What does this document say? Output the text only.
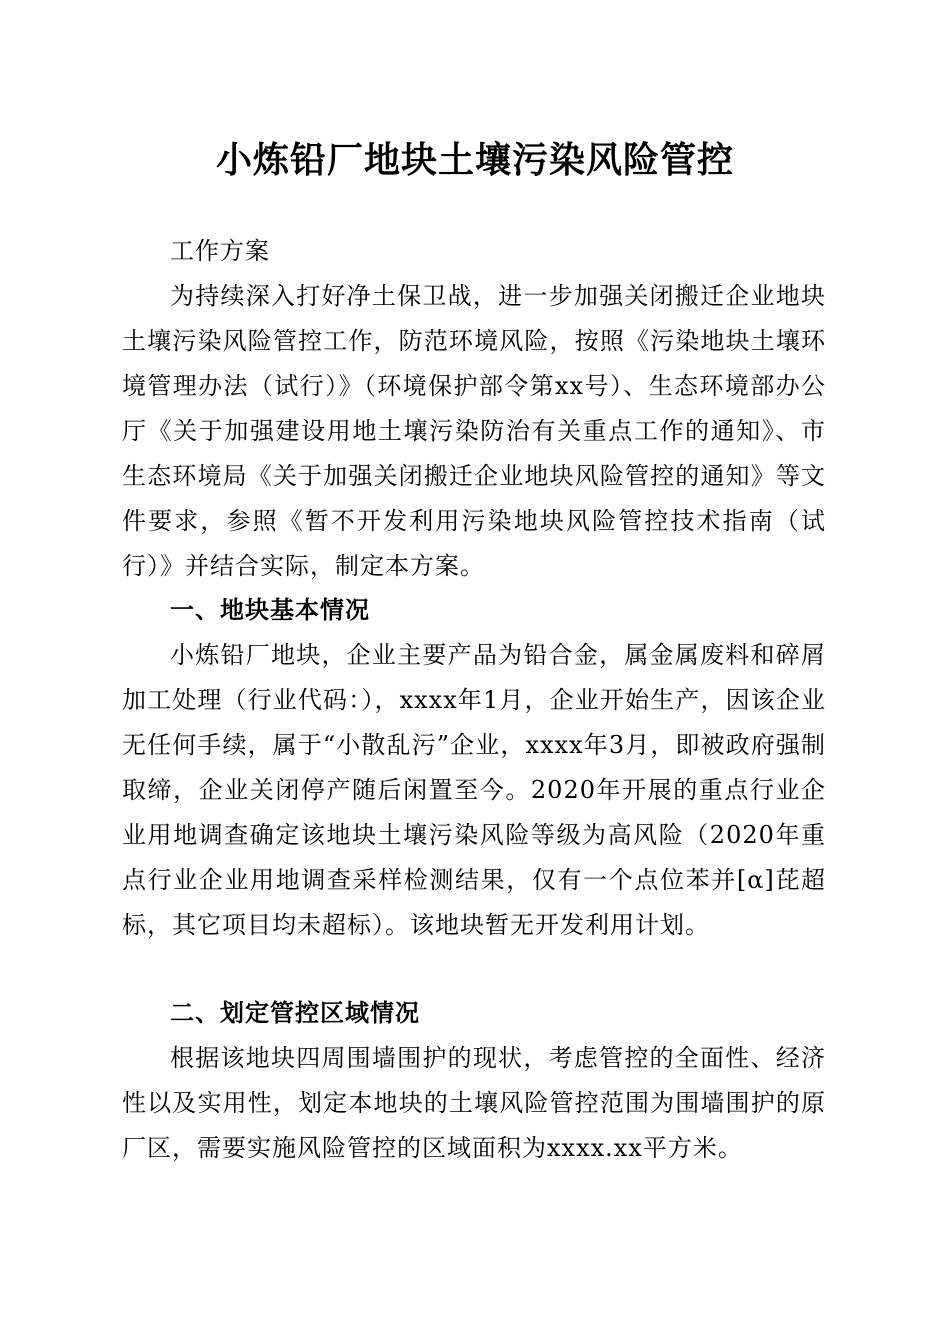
小炼铅厂地块土壤污染风险管控
工作方案

为持续深入打好净土保卫战，进一步加强关闭搬迁企业地块土壤污染风险管控工作，防范环境风险，按照《污染地块土壤环境管理办法（试行）》（环境保护部令第xx号）、生态环境部办公厅《关于加强建设用地土壤污染防治有关重点工作的通知》、市生态环境局《关于加强关闭搬迁企业地块风险管控的通知》等文件要求，参照《暂不开发利用污染地块风险管控技术指南（试行）》并结合实际，制定本方案。

一、地块基本情况

小炼铅厂地块，企业主要产品为铅合金，属金属废料和碎屑加工处理（行业代码：），xxxx年1月，企业开始生产，因该企业无任何手续，属于“小散乱污”企业，xxxx年3月，即被政府强制取缔，企业关闭停产随后闲置至今。2020年开展的重点行业企业用地调查确定该地块土壤污染风险等级为高风险（2020年重点行业企业用地调查采样检测结果，仅有一个点位苯并[α]芘超标，其它项目均未超标）。该地块暂无开发利用计划。

二、划定管控区域情况

根据该地块四周围墙围护的现状，考虑管控的全面性、经济性以及实用性，划定本地块的土壤风险管控范围为围墙围护的原厂区，需要实施风险管控的区域面积为xxxx.xx平方米。
